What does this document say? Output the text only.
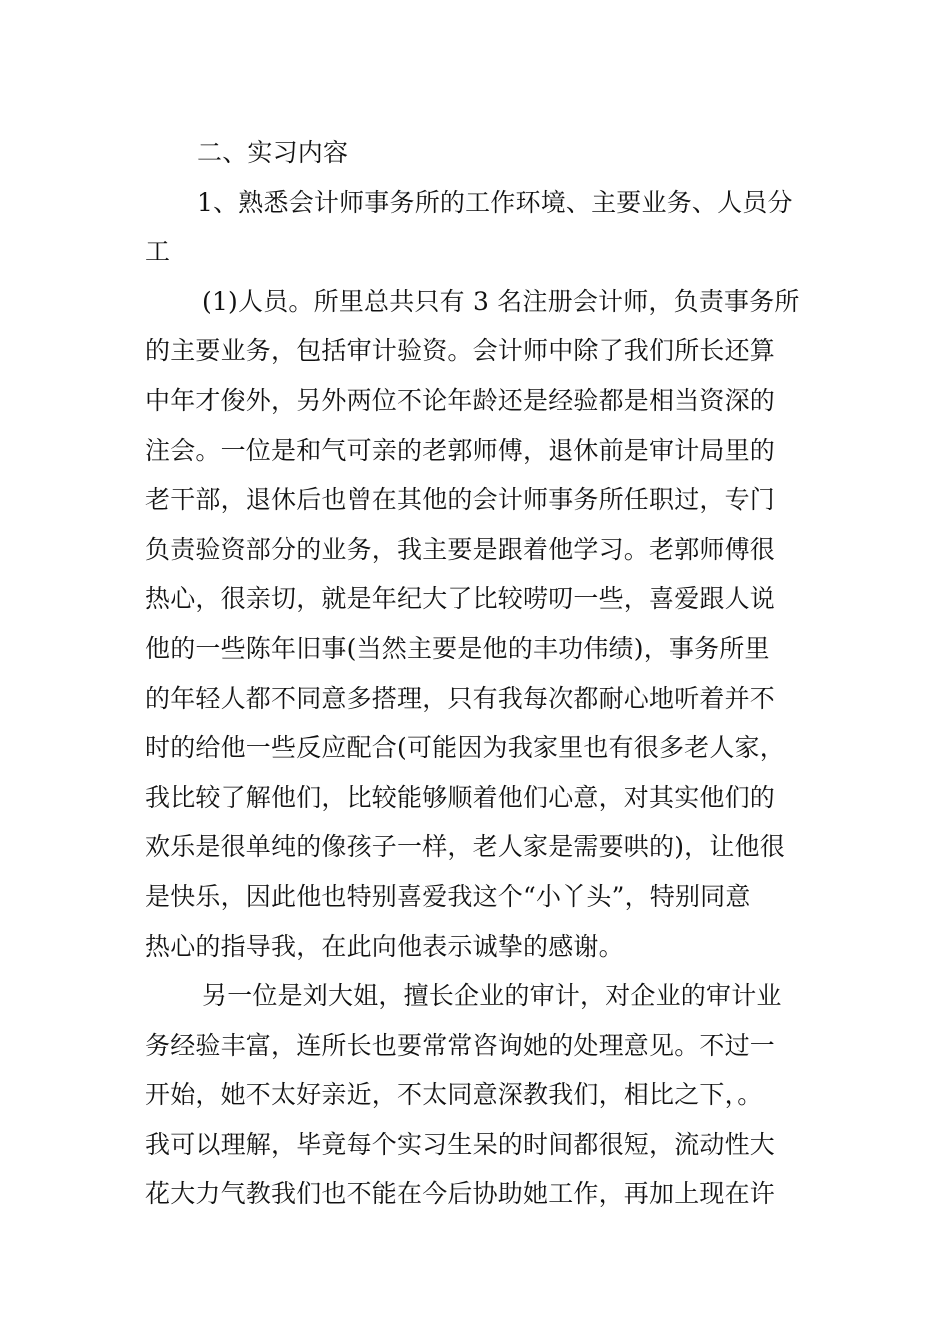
二、实习内容
1、熟悉会计师事务所的工作环境、主要业务、人员分
工
(1)人员。所里总共只有 3 名注册会计师，负责事务所
的主要业务，包括审计验资。会计师中除了我们所长还算
中年才俊外，另外两位不论年龄还是经验都是相当资深的
注会。一位是和气可亲的老郭师傅，退休前是审计局里的
老干部，退休后也曾在其他的会计师事务所任职过，专门
负责验资部分的业务，我主要是跟着他学习。老郭师傅很
热心，很亲切，就是年纪大了比较唠叨一些，喜爱跟人说
他的一些陈年旧事(当然主要是他的丰功伟绩)，事务所里
的年轻人都不同意多搭理，只有我每次都耐心地听着并不
时的给他一些反应配合(可能因为我家里也有很多老人家，
我比较了解他们，比较能够顺着他们心意，对其实他们的
欢乐是很单纯的像孩子一样，老人家是需要哄的)，让他很
是快乐，因此他也特别喜爱我这个“小丫头”，特别同意
热心的指导我，在此向他表示诚挚的感谢。
另一位是刘大姐，擅长企业的审计，对企业的审计业
务经验丰富，连所长也要常常咨询她的处理意见。不过一
开始，她不太好亲近，不太同意深教我们，相比之下，。
我可以理解，毕竟每个实习生呆的时间都很短，流动性大
花大力气教我们也不能在今后协助她工作，再加上现在许
